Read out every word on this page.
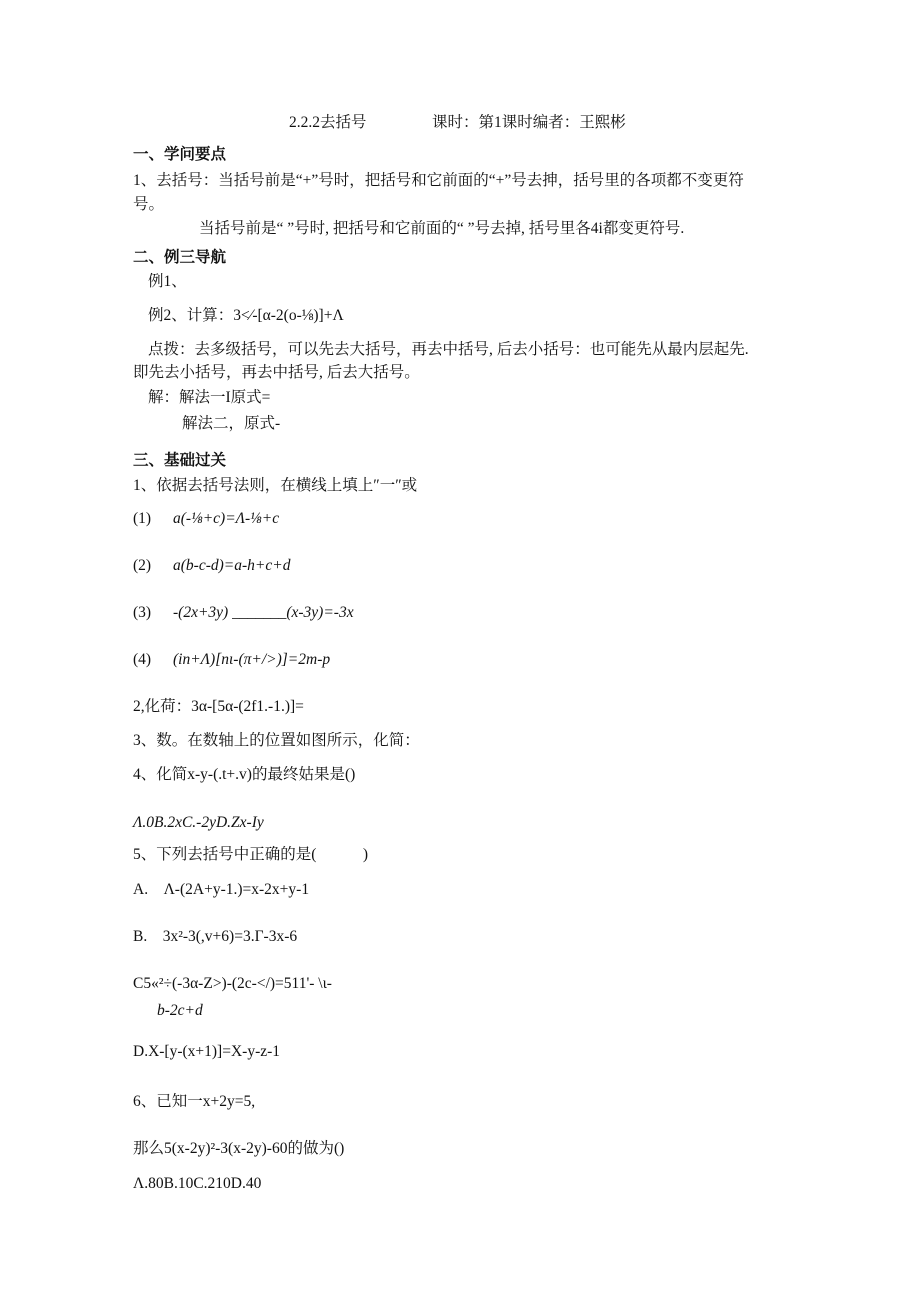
2.2.2去括号	课时：第1课时编者：王熙彬
一、学问要点
1、去括号：当括号前是“+”号时，把括号和它前面的“+”号去抻，括号里的各项都不变更符
号。
当括号前是“ ”号时, 把括号和它前面的“ ”号去掉, 括号里各4i都变更符号.
二、例三导航
例1、
例2、计算：3<⁄-[α-2(o-⅛)]+Λ
点拨：去多级括号，可以先去大括号，再去中括号, 后去小括号：也可能先从最内层起先.
即先去小括号，再去中括号, 后去大括号。
解：解法一I原式=
解法二，原式-
三、基础过关
1、依据去括号法则，在横线上填上″一″或
(1) a(-⅛+c)=Λ-⅛+c
(2) a(b-c-d)=a-h+c+d
(3) -(2x+3y) _______(x-3y)=-3x
(4) (in+Λ)[nι-(π+/>)]=2m-p
2,化荷：3α-[5α-(2f1.-1.)]=
3、数。在数轴上的位置如图所示，化简：
4、化简x-y-(.t+.v)的最终姑果是()
Λ.0B.2xC.-2yD.Zx-Iy
5、下列去括号中正确的是(　　　)
A.　Λ-(2A+y-1.)=x-2x+y-1
B.　3x²-3(,v+6)=3.Γ-3x-6
C5«²÷(-3α-Z>)-(2c-</)=511'- \ι-
b-2c+d
D.X-[y-(x+1)]=X-y-z-1
6、已知一x+2y=5,
那么5(x-2y)²-3(x-2y)-60的做为()
Λ.80B.10C.210D.40
